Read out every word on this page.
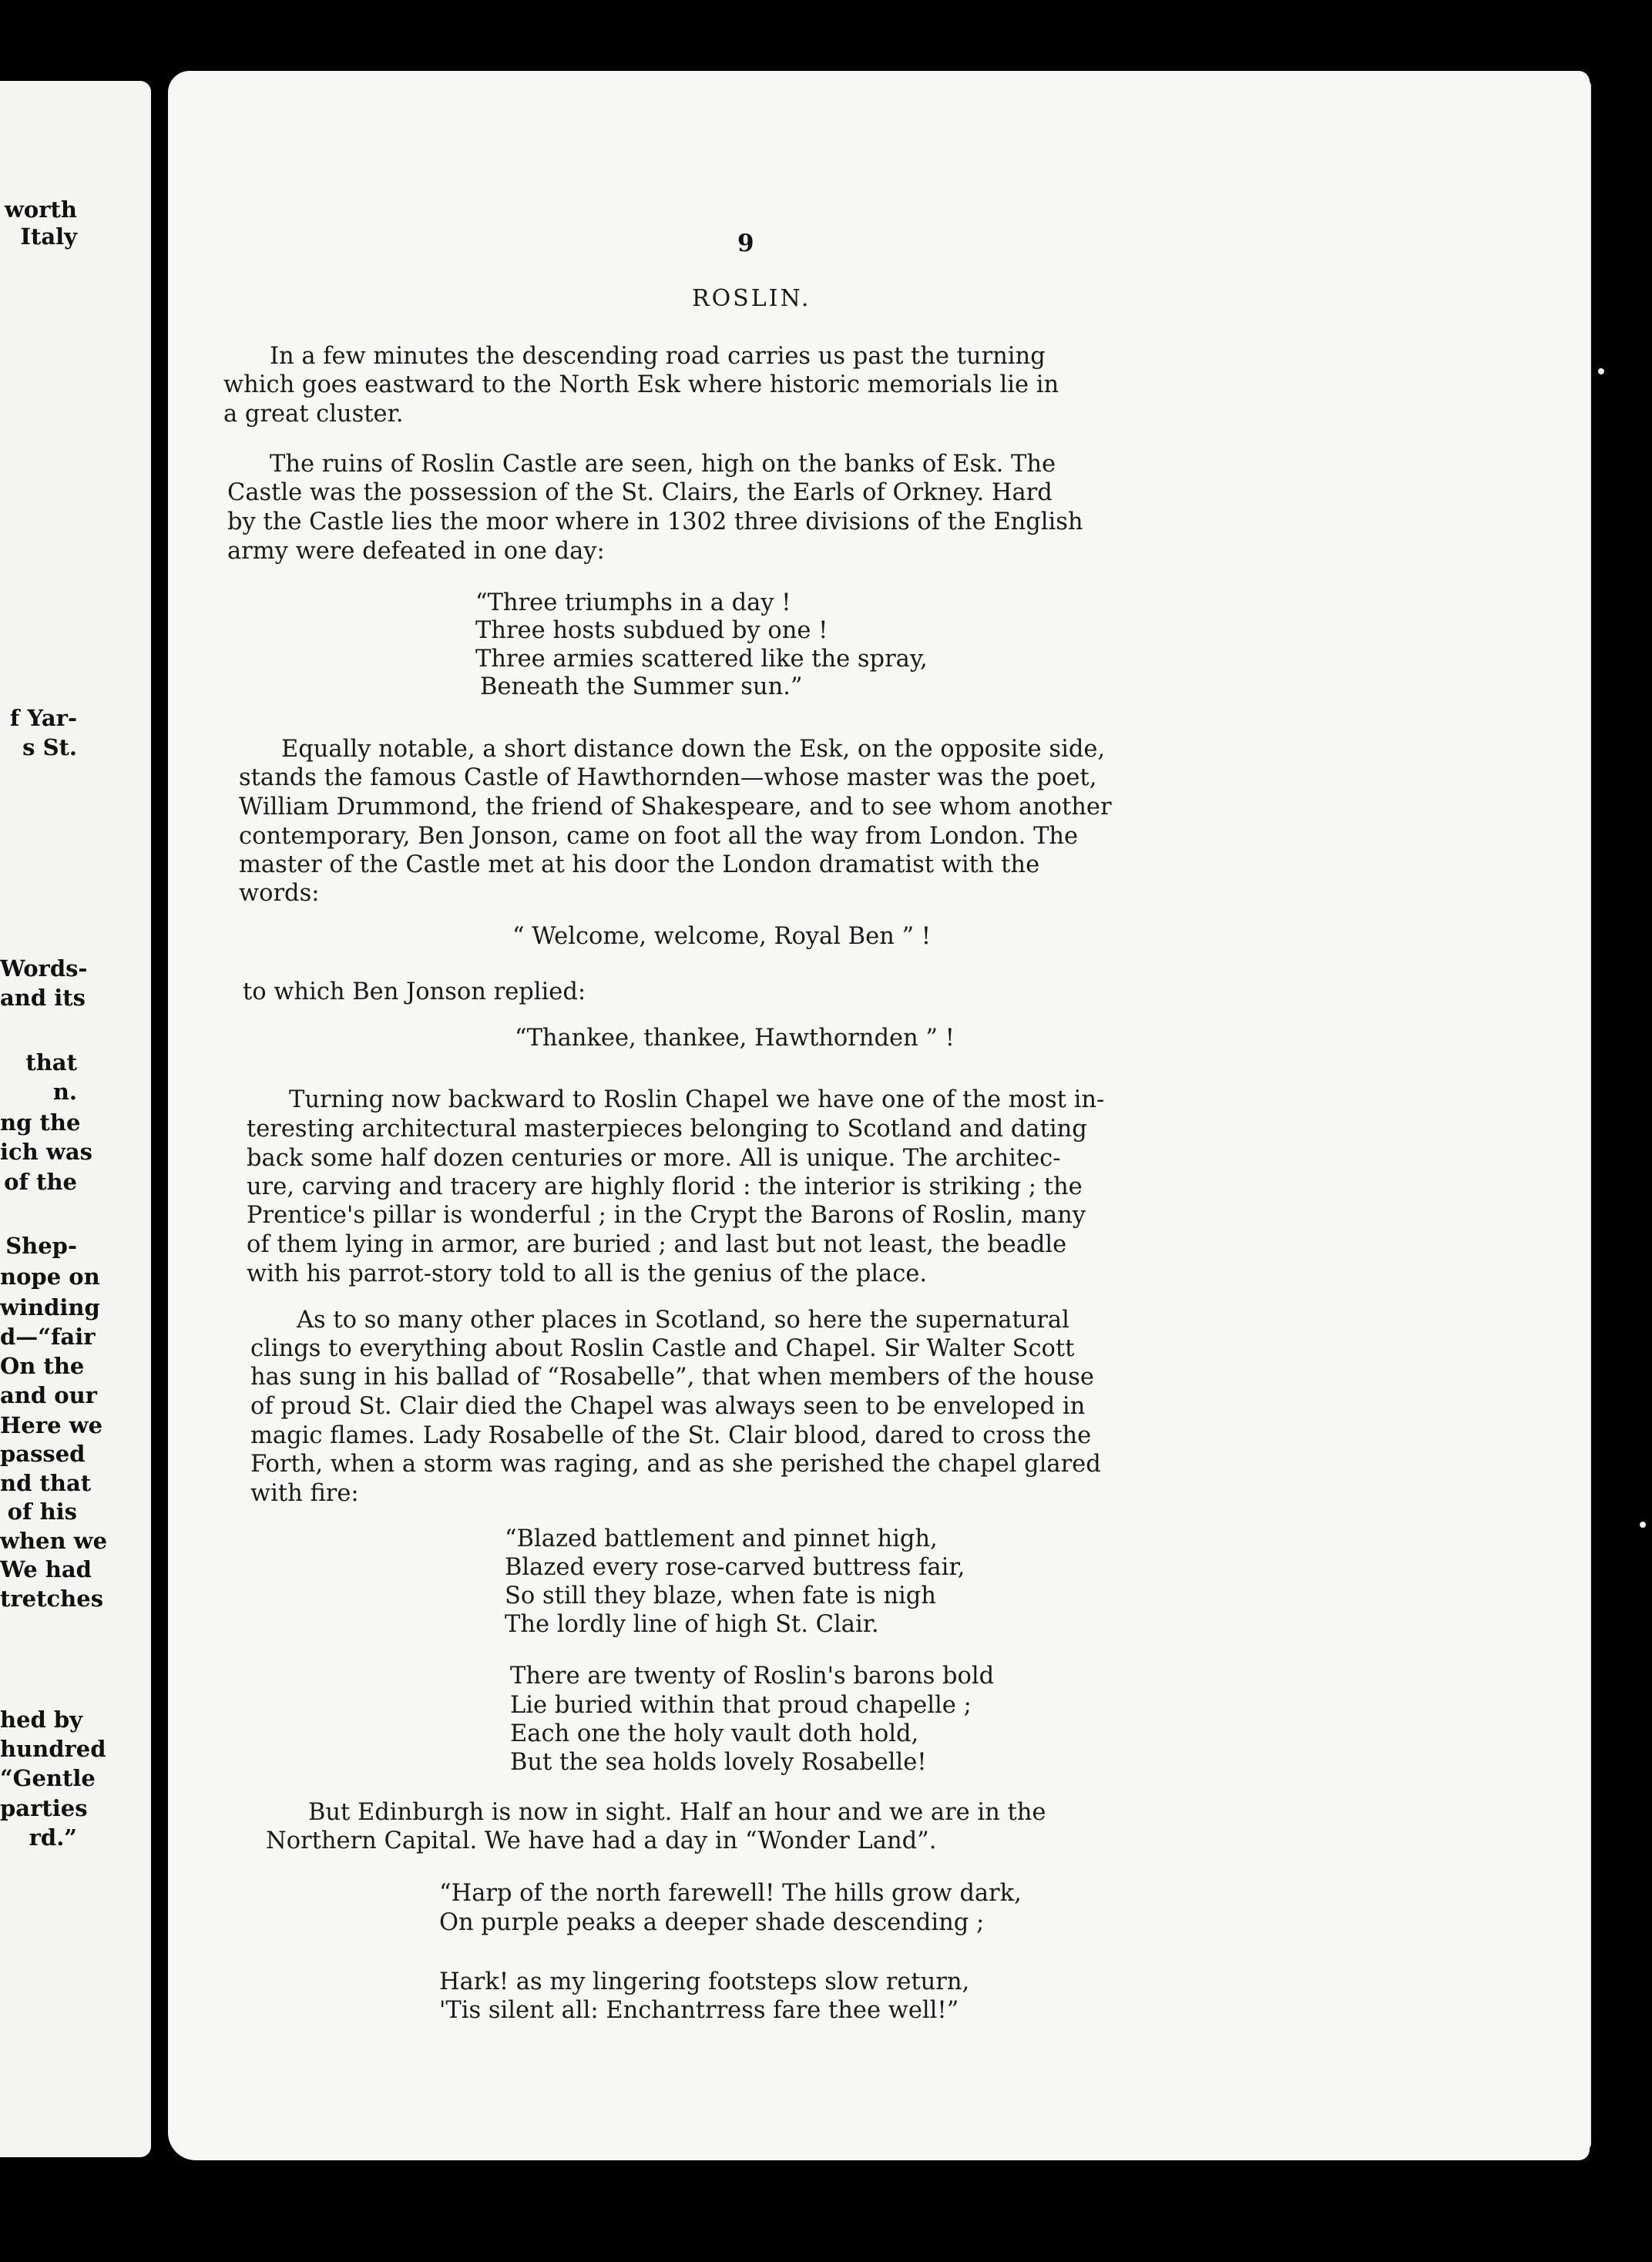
worth
Italy
f Yar-
s St.
Words-
and its
that
n.
ng the
ich was
of the
Shep-
nope on
winding
d—“fair
On the
and our
Here we
passed
nd that
of his
when we
We had
tretches
hed by
hundred
“Gentle
parties
rd.”
9
ROSLIN.
In a few minutes the descending road carries us past the turning
which goes eastward to the North Esk where historic memorials lie in
a great cluster.
The ruins of Roslin Castle are seen, high on the banks of Esk. The
Castle was the possession of the St. Clairs, the Earls of Orkney. Hard
by the Castle lies the moor where in 1302 three divisions of the English
army were defeated in one day:
“Three triumphs in a day !
Three hosts subdued by one !
Three armies scattered like the spray,
Beneath the Summer sun.”
Equally notable, a short distance down the Esk, on the opposite side,
stands the famous Castle of Hawthornden—whose master was the poet,
William Drummond, the friend of Shakespeare, and to see whom another
contemporary, Ben Jonson, came on foot all the way from London. The
master of the Castle met at his door the London dramatist with the
words:
“ Welcome, welcome, Royal Ben ” !
to which Ben Jonson replied:
“Thankee, thankee, Hawthornden ” !
Turning now backward to Roslin Chapel we have one of the most in-
teresting architectural masterpieces belonging to Scotland and dating
back some half dozen centuries or more. All is unique. The architec-
ure, carving and tracery are highly florid : the interior is striking ; the
Prentice's pillar is wonderful ; in the Crypt the Barons of Roslin, many
of them lying in armor, are buried ; and last but not least, the beadle
with his parrot-story told to all is the genius of the place.
As to so many other places in Scotland, so here the supernatural
clings to everything about Roslin Castle and Chapel. Sir Walter Scott
has sung in his ballad of “Rosabelle”, that when members of the house
of proud St. Clair died the Chapel was always seen to be enveloped in
magic flames. Lady Rosabelle of the St. Clair blood, dared to cross the
Forth, when a storm was raging, and as she perished the chapel glared
with fire:
“Blazed battlement and pinnet high,
Blazed every rose-carved buttress fair,
So still they blaze, when fate is nigh
The lordly line of high St. Clair.
There are twenty of Roslin's barons bold
Lie buried within that proud chapelle ;
Each one the holy vault doth hold,
But the sea holds lovely Rosabelle!
But Edinburgh is now in sight. Half an hour and we are in the
Northern Capital. We have had a day in “Wonder Land”.
“Harp of the north farewell! The hills grow dark,
On purple peaks a deeper shade descending ;
Hark! as my lingering footsteps slow return,
'Tis silent all: Enchantrress fare thee well!”
